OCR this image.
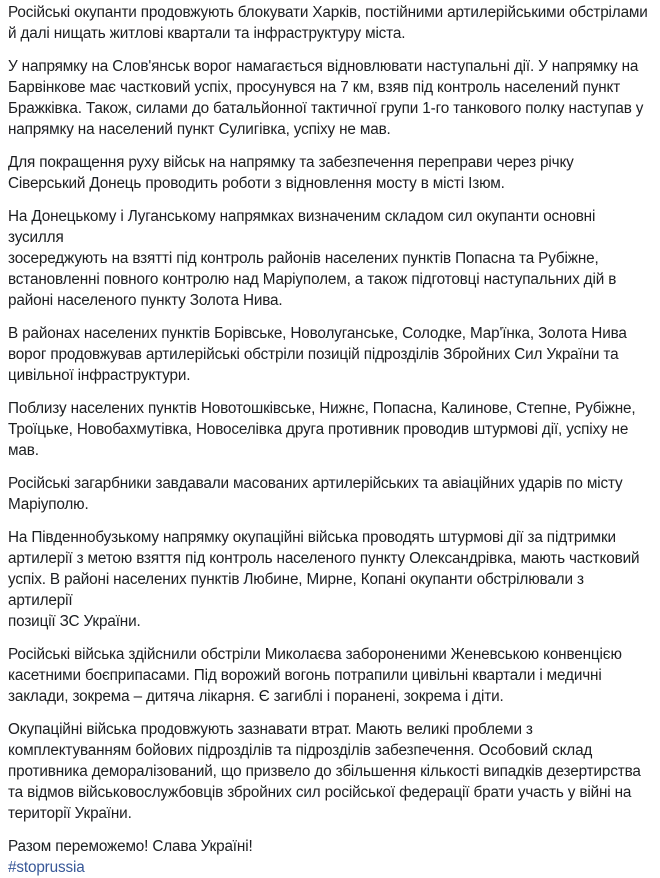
Російські окупанти продовжують блокувати Харків, постійними артилерійськими обстрілами
й далі нищать житлові квартали та інфраструктуру міста.

У напрямку на Слов'янськ ворог намагається відновлювати наступальні дії. У напрямку на
Барвінкове має частковий успіх, просунувся на 7 км, взяв під контроль населений пункт
Бражківка. Також, силами до батальйонної тактичної групи 1-го танкового полку наступав у
напрямку на населений пункт Сулигівка, успіху не мав.

Для покращення руху військ на напрямку та забезпечення переправи через річку
Сіверський Донець проводить роботи з відновлення мосту в місті Ізюм.

На Донецькому і Луганському напрямках визначеним складом сил окупанти основні зусилля
зосереджують на взятті під контроль районів населених пунктів Попасна та Рубіжне,
встановленні повного контролю над Маріуполем, а також підготовці наступальних дій в
районі населеного пункту Золота Нива.

В районах населених пунктів Борівське, Новолуганське, Солодке, Мар'їнка, Золота Нива
ворог продовжував артилерійські обстріли позицій підрозділів Збройних Сил України та
цивільної інфраструктури.

Поблизу населених пунктів Новотошківське, Нижнє, Попасна, Калинове, Степне, Рубіжне,
Троїцьке, Новобахмутівка, Новоселівка друга противник проводив штурмові дії, успіху не
мав.

Російські загарбники завдавали масованих артилерійських та авіаційних ударів по місту
Маріуполю.

На Південнобузькому напрямку окупаційні війська проводять штурмові дії за підтримки
артилерії з метою взяття під контроль населеного пункту Олександрівка, мають частковий
успіх. В районі населених пунктів Любине, Мирне, Копані окупанти обстрілювали з артилерії
позиції ЗС України.

Російські війська здійснили обстріли Миколаєва забороненими Женевською конвенцією
касетними боєприпасами. Під ворожий вогонь потрапили цивільні квартали і медичні
заклади, зокрема – дитяча лікарня. Є загиблі і поранені, зокрема і діти.

Окупаційні війська продовжують зазнавати втрат. Мають великі проблеми з
комплектуванням бойових підрозділів та підрозділів забезпечення. Особовий склад
противника деморалізований, що призвело до збільшення кількості випадків дезертирства
та відмов військовослужбовців збройних сил російської федерації брати участь у війні на
території України.

Разом переможемо! Слава Україні!
#stoprussia
